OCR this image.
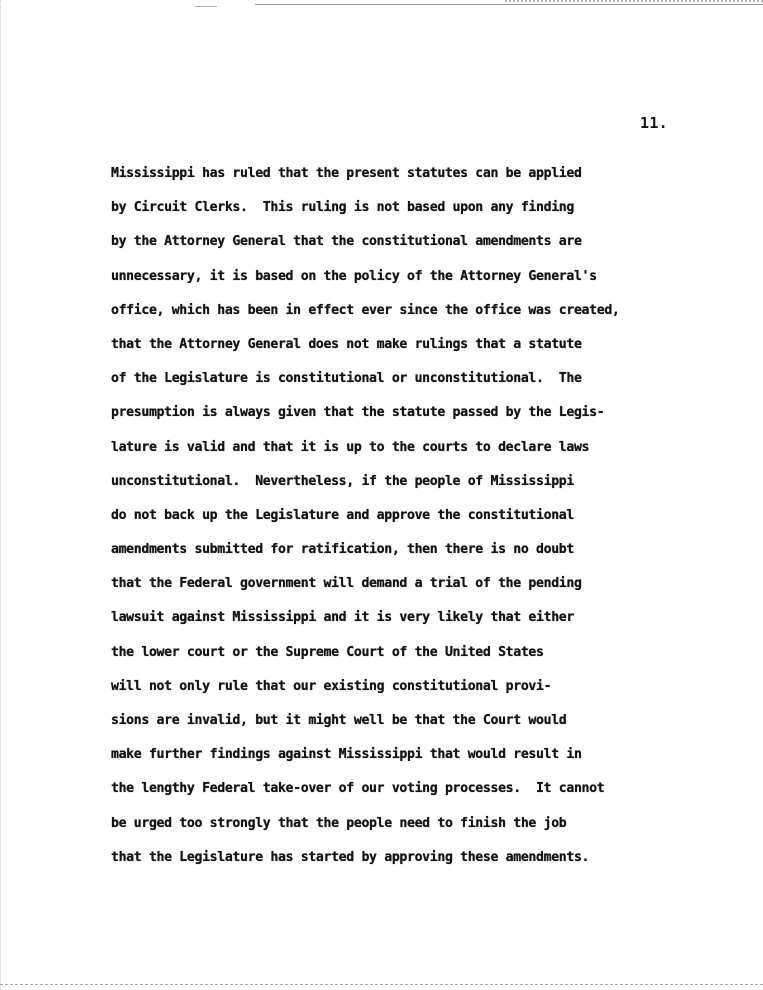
11.
Mississippi has ruled that the present statutes can be applied
by Circuit Clerks.  This ruling is not based upon any finding
by the Attorney General that the constitutional amendments are
unnecessary, it is based on the policy of the Attorney General's
office, which has been in effect ever since the office was created,
that the Attorney General does not make rulings that a statute
of the Legislature is constitutional or unconstitutional.  The
presumption is always given that the statute passed by the Legis-
lature is valid and that it is up to the courts to declare laws
unconstitutional.  Nevertheless, if the people of Mississippi
do not back up the Legislature and approve the constitutional
amendments submitted for ratification, then there is no doubt
that the Federal government will demand a trial of the pending
lawsuit against Mississippi and it is very likely that either
the lower court or the Supreme Court of the United States
will not only rule that our existing constitutional provi-
sions are invalid, but it might well be that the Court would
make further findings against Mississippi that would result in
the lengthy Federal take-over of our voting processes.  It cannot
be urged too strongly that the people need to finish the job
that the Legislature has started by approving these amendments.
